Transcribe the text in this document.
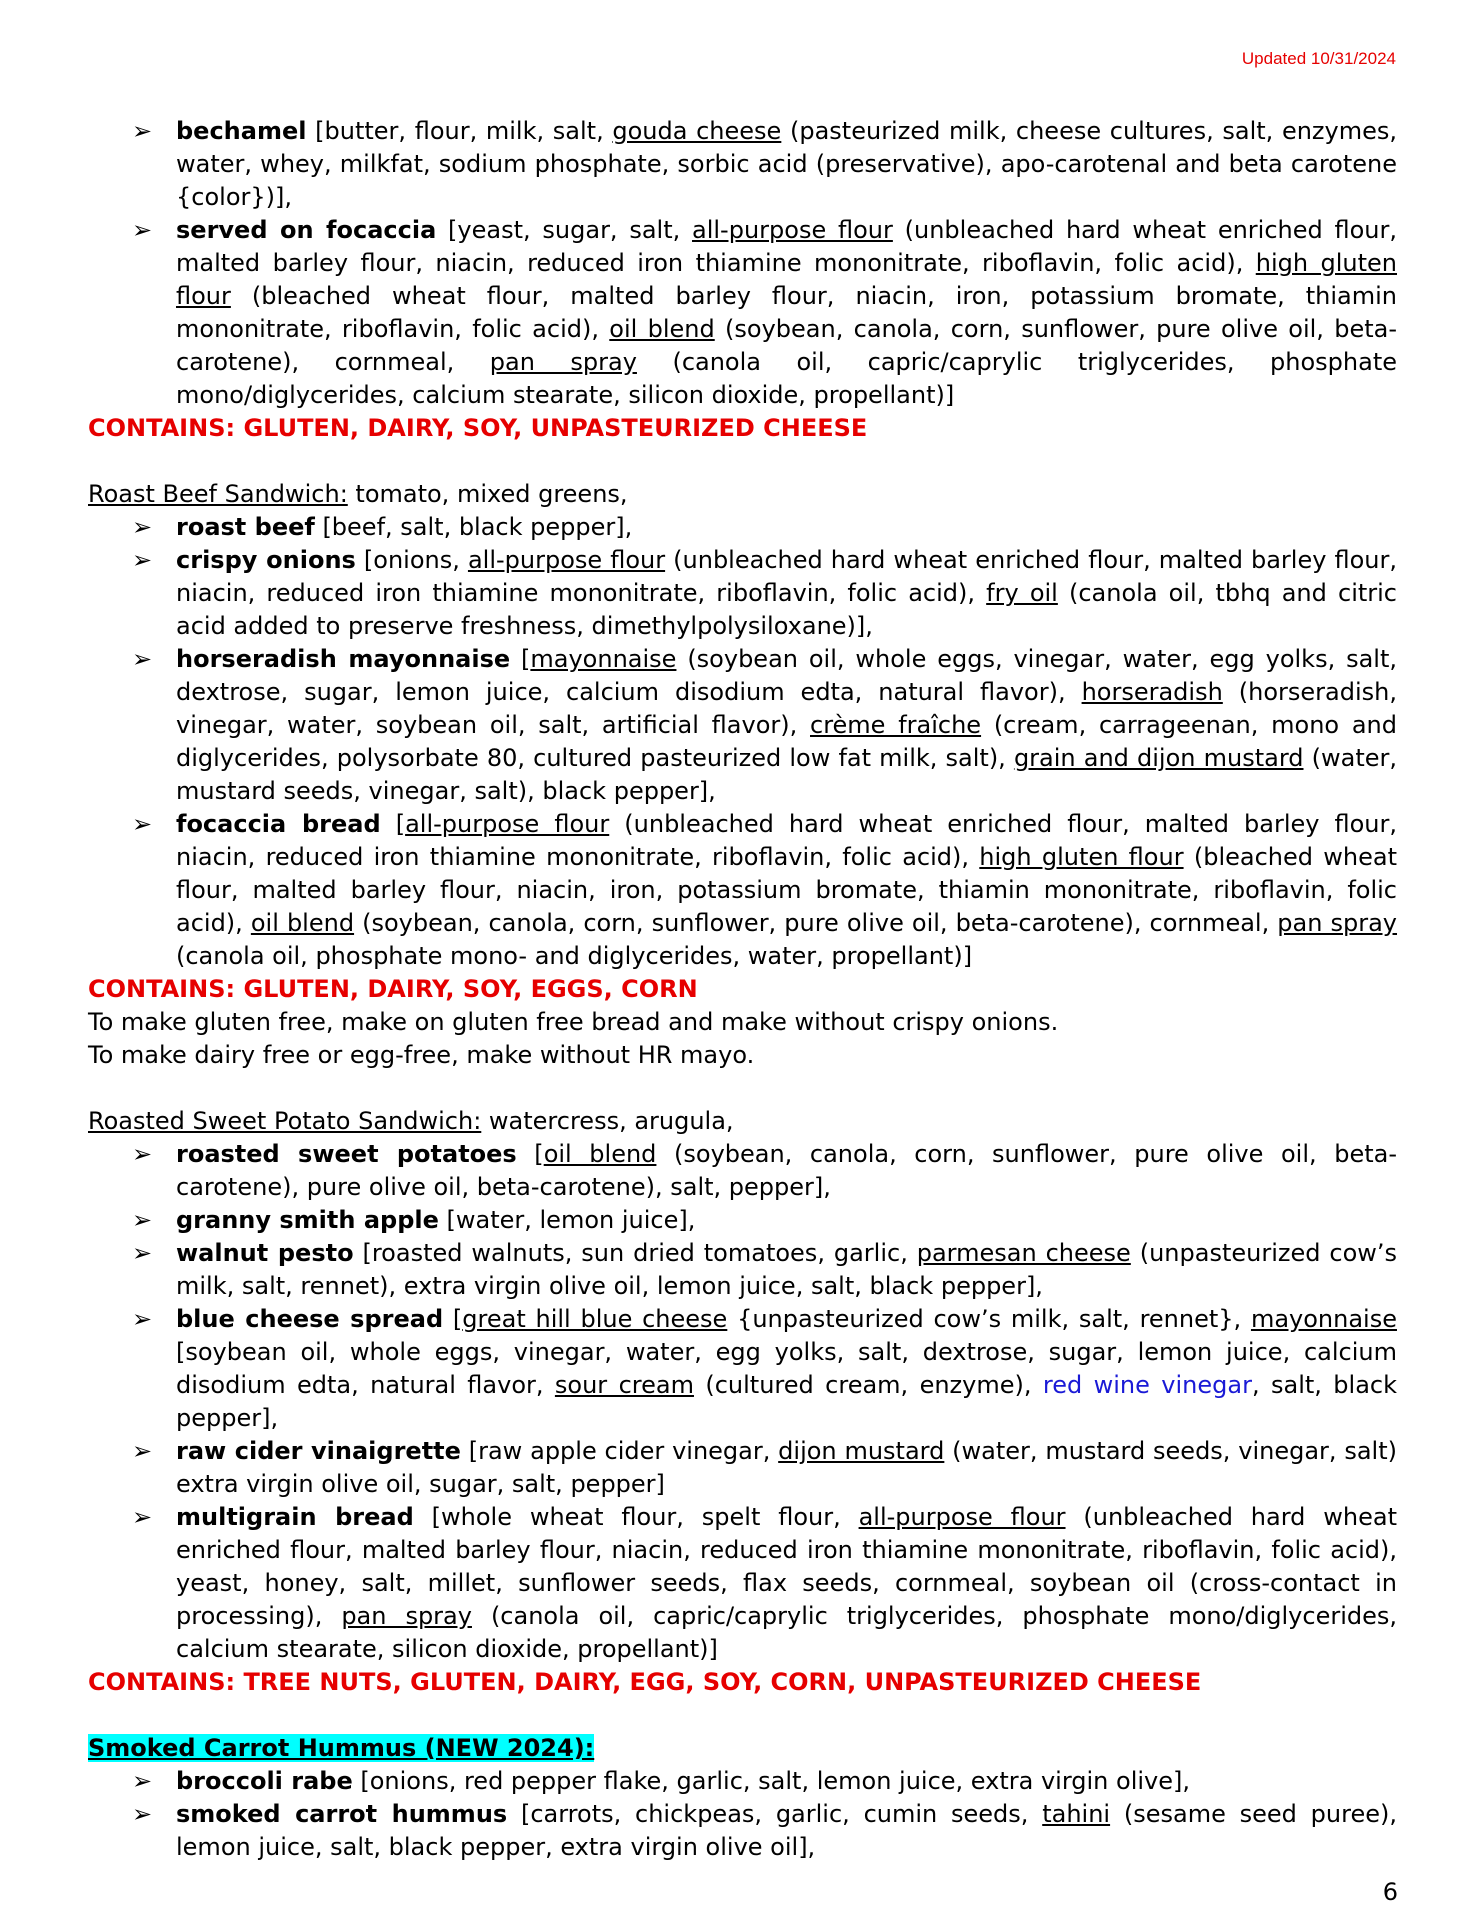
Updated 10/31/2024
➢ bechamel [butter, flour, milk, salt, gouda cheese (pasteurized milk, cheese cultures, salt, enzymes, water, whey, milkfat, sodium phosphate, sorbic acid (preservative), apo-carotenal and beta carotene {color})],
➢ served on focaccia [yeast, sugar, salt, all-purpose flour (unbleached hard wheat enriched flour, malted barley flour, niacin, reduced iron thiamine mononitrate, riboflavin, folic acid), high gluten flour (bleached wheat flour, malted barley flour, niacin, iron, potassium bromate, thiamin mononitrate, riboflavin, folic acid), oil blend (soybean, canola, corn, sunflower, pure olive oil, beta-carotene), cornmeal, pan spray (canola oil, capric/caprylic triglycerides, phosphate mono/diglycerides, calcium stearate, silicon dioxide, propellant)]
CONTAINS: GLUTEN, DAIRY, SOY, UNPASTEURIZED CHEESE
Roast Beef Sandwich: tomato, mixed greens,
➢ roast beef [beef, salt, black pepper],
➢ crispy onions [onions, all-purpose flour (unbleached hard wheat enriched flour, malted barley flour, niacin, reduced iron thiamine mononitrate, riboflavin, folic acid), fry oil (canola oil, tbhq and citric acid added to preserve freshness, dimethylpolysiloxane)],
➢ horseradish mayonnaise [mayonnaise (soybean oil, whole eggs, vinegar, water, egg yolks, salt, dextrose, sugar, lemon juice, calcium disodium edta, natural flavor), horseradish (horseradish, vinegar, water, soybean oil, salt, artificial flavor), crème fraîche (cream, carrageenan, mono and diglycerides, polysorbate 80, cultured pasteurized low fat milk, salt), grain and dijon mustard (water, mustard seeds, vinegar, salt), black pepper],
➢ focaccia bread [all-purpose flour (unbleached hard wheat enriched flour, malted barley flour, niacin, reduced iron thiamine mononitrate, riboflavin, folic acid), high gluten flour (bleached wheat flour, malted barley flour, niacin, iron, potassium bromate, thiamin mononitrate, riboflavin, folic acid), oil blend (soybean, canola, corn, sunflower, pure olive oil, beta-carotene), cornmeal, pan spray (canola oil, phosphate mono- and diglycerides, water, propellant)]
CONTAINS: GLUTEN, DAIRY, SOY, EGGS, CORN
To make gluten free, make on gluten free bread and make without crispy onions.
To make dairy free or egg-free, make without HR mayo.
Roasted Sweet Potato Sandwich: watercress, arugula,
➢ roasted sweet potatoes [oil blend (soybean, canola, corn, sunflower, pure olive oil, beta-carotene), pure olive oil, beta-carotene), salt, pepper],
➢ granny smith apple [water, lemon juice],
➢ walnut pesto [roasted walnuts, sun dried tomatoes, garlic, parmesan cheese (unpasteurized cow’s milk, salt, rennet), extra virgin olive oil, lemon juice, salt, black pepper],
➢ blue cheese spread [great hill blue cheese {unpasteurized cow’s milk, salt, rennet}, mayonnaise [soybean oil, whole eggs, vinegar, water, egg yolks, salt, dextrose, sugar, lemon juice, calcium disodium edta, natural flavor, sour cream (cultured cream, enzyme), red wine vinegar, salt, black pepper],
➢ raw cider vinaigrette [raw apple cider vinegar, dijon mustard (water, mustard seeds, vinegar, salt) extra virgin olive oil, sugar, salt, pepper]
➢ multigrain bread [whole wheat flour, spelt flour, all-purpose flour (unbleached hard wheat enriched flour, malted barley flour, niacin, reduced iron thiamine mononitrate, riboflavin, folic acid), yeast, honey, salt, millet, sunflower seeds, flax seeds, cornmeal, soybean oil (cross-contact in processing), pan spray (canola oil, capric/caprylic triglycerides, phosphate mono/diglycerides, calcium stearate, silicon dioxide, propellant)]
CONTAINS: TREE NUTS, GLUTEN, DAIRY, EGG, SOY, CORN, UNPASTEURIZED CHEESE
Smoked Carrot Hummus (NEW 2024):
➢ broccoli rabe [onions, red pepper flake, garlic, salt, lemon juice, extra virgin olive],
➢ smoked carrot hummus [carrots, chickpeas, garlic, cumin seeds, tahini (sesame seed puree), lemon juice, salt, black pepper, extra virgin olive oil],
6
